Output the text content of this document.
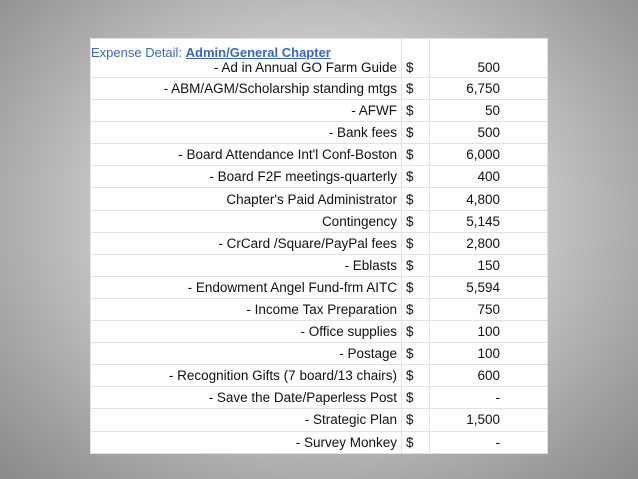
Expense Detail: Admin/General Chapter
- Ad in Annual GO Farm Guide	$	500
- ABM/AGM/Scholarship standing mtgs	$	6,750
- AFWF	$	50
- Bank fees	$	500
- Board Attendance Int'l Conf-Boston	$	6,000
- Board F2F meetings-quarterly	$	400
Chapter's Paid Administrator	$	4,800
Contingency	$	5,145
- CrCard /Square/PayPal fees	$	2,800
- Eblasts	$	150
- Endowment Angel Fund-frm AITC	$	5,594
- Income Tax Preparation	$	750
- Office supplies	$	100
- Postage	$	100
- Recognition Gifts (7 board/13 chairs)	$	600
- Save the Date/Paperless Post	$	-
- Strategic Plan	$	1,500
- Survey Monkey	$	-
